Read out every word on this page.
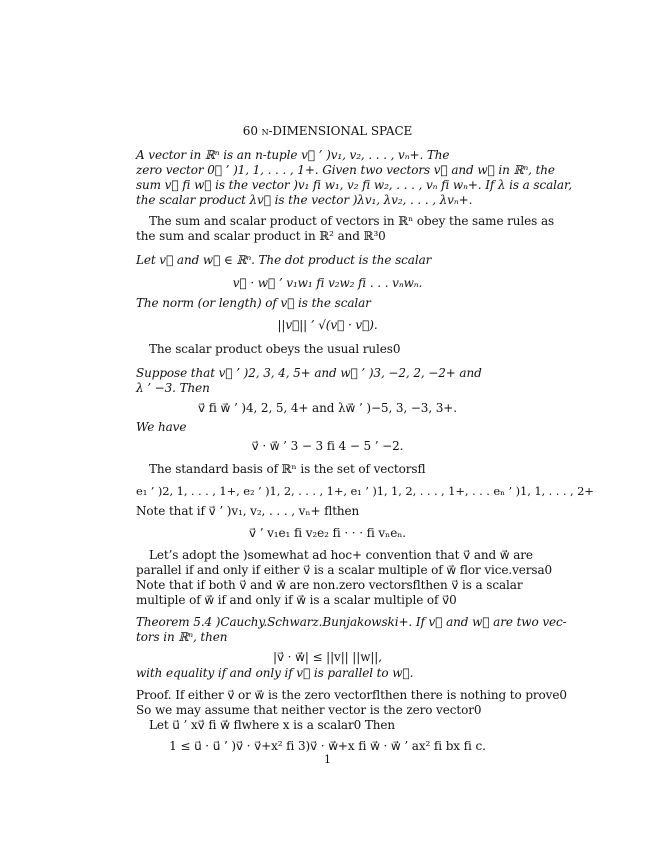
60 n-DIMENSIONAL SPACE
A vector in ℝⁿ is an n-tuple v⃗ ’ )v₁, v₂, . . . , vₙ+. The
zero vector 0⃗ ’ )1, 1, . . . , 1+. Given two vectors v⃗ and w⃗ in ℝⁿ, the
sum v⃗ fi w⃗ is the vector )v₁ fi w₁, v₂ fi w₂, . . . , vₙ fi wₙ+. If λ is a scalar,
the scalar product λv⃗ is the vector )λv₁, λv₂, . . . , λvₙ+.
The sum and scalar product of vectors in ℝⁿ obey the same rules as
the sum and scalar product in ℝ² and ℝ³0
Let v⃗ and w⃗ ∈ ℝⁿ. The dot product is the scalar
v⃗ · w⃗ ’ v₁w₁ fi v₂w₂ fi . . . vₙwₙ.
The norm (or length) of v⃗ is the scalar
||v⃗|| ’ √(v⃗ · v⃗).
The scalar product obeys the usual rules0
Suppose that v⃗ ’ )2, 3, 4, 5+ and w⃗ ’ )3, −2, 2, −2+ and
λ ’ −3. Then
v⃗ fi w⃗ ’ )4, 2, 5, 4+ and λw⃗ ’ )−5, 3, −3, 3+.
We have
v⃗ · w⃗ ’ 3 − 3 fi 4 − 5 ’ −2.
The standard basis of ℝⁿ is the set of vectorsfl
e₁ ’ )2, 1, . . . , 1+, e₂ ’ )1, 2, . . . , 1+, e₁ ’ )1, 1, 2, . . . , 1+, . . . eₙ ’ )1, 1, . . . , 2+
Note that if v⃗ ’ )v₁, v₂, . . . , vₙ+ flthen
v⃗ ’ v₁e₁ fi v₂e₂ fi · · · fi vₙeₙ.
Let’s adopt the )somewhat ad hoc+ convention that v⃗ and w⃗ are
parallel if and only if either v⃗ is a scalar multiple of w⃗ flor vice.versa0
Note that if both v⃗ and w⃗ are non.zero vectorsflthen v⃗ is a scalar
multiple of w⃗ if and only if w⃗ is a scalar multiple of v⃗0
Theorem 5.4 )Cauchy.Schwarz.Bunjakowski+. If v⃗ and w⃗ are two vec-
tors in ℝⁿ, then
|v⃗ · w⃗| ≤ ||v|| ||w||,
with equality if and only if v⃗ is parallel to w⃗.
Proof. If either v⃗ or w⃗ is the zero vectorflthen there is nothing to prove0
So we may assume that neither vector is the zero vector0
Let u⃗ ’ xv⃗ fi w⃗ flwhere x is a scalar0 Then
1 ≤ u⃗ · u⃗ ’ )v⃗ · v⃗+x² fi 3)v⃗ · w⃗+x fi w⃗ · w⃗ ’ ax² fi bx fi c.
1
